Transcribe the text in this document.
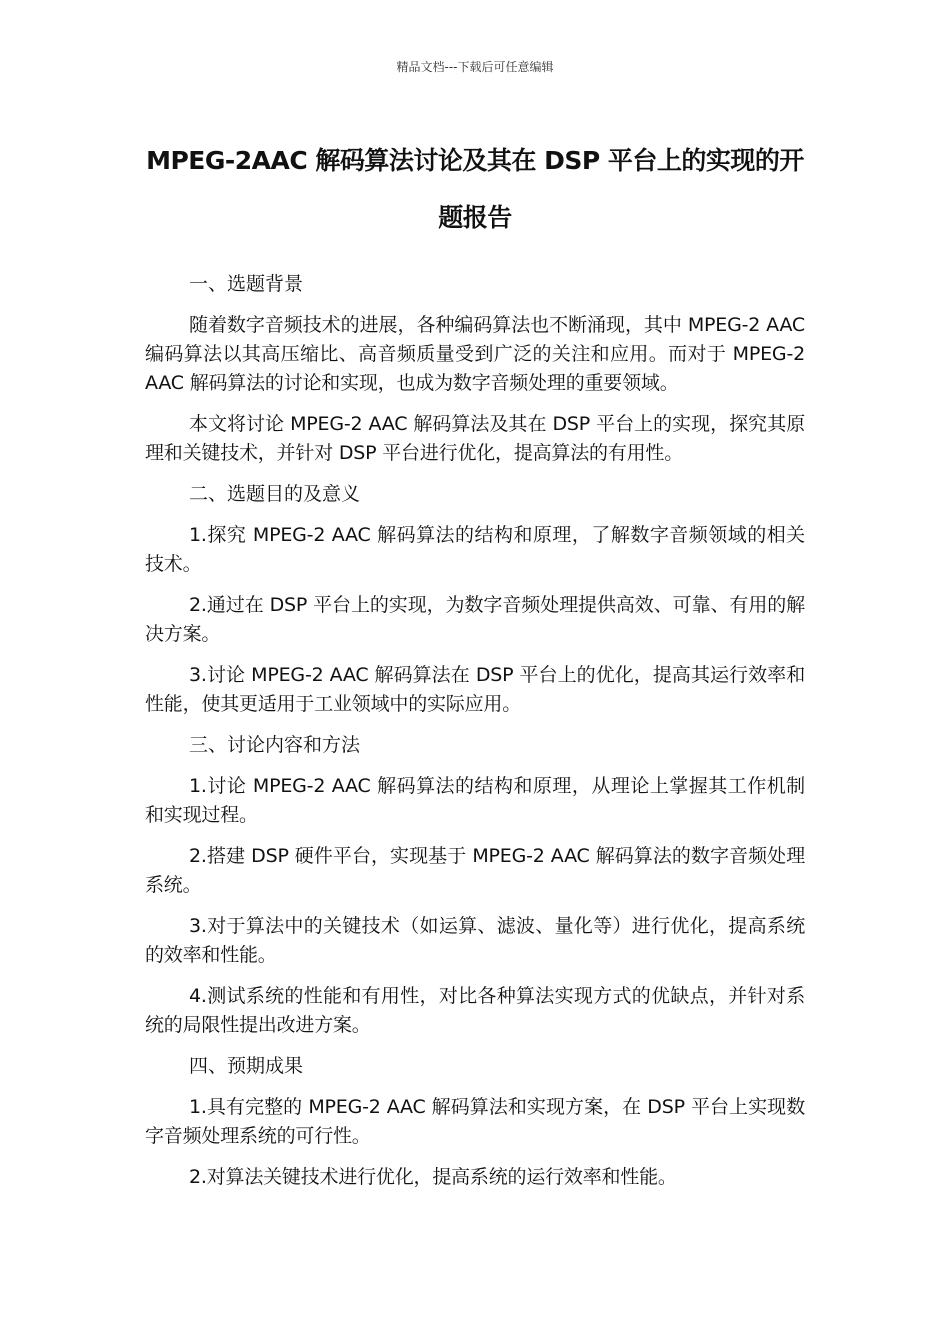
精品文档---下载后可任意编辑
MPEG-2AAC 解码算法讨论及其在 DSP 平台上的实现的开题报告

一、选题背景

随着数字音频技术的进展，各种编码算法也不断涌现，其中 MPEG-2 AAC 编码算法以其高压缩比、高音频质量受到广泛的关注和应用。而对于 MPEG-2 AAC 解码算法的讨论和实现，也成为数字音频处理的重要领域。

本文将讨论 MPEG-2 AAC 解码算法及其在 DSP 平台上的实现，探究其原理和关键技术，并针对 DSP 平台进行优化，提高算法的有用性。

二、选题目的及意义

1.探究 MPEG-2 AAC 解码算法的结构和原理，了解数字音频领域的相关技术。

2.通过在 DSP 平台上的实现，为数字音频处理提供高效、可靠、有用的解决方案。

3.讨论 MPEG-2 AAC 解码算法在 DSP 平台上的优化，提高其运行效率和性能，使其更适用于工业领域中的实际应用。

三、讨论内容和方法

1.讨论 MPEG-2 AAC 解码算法的结构和原理，从理论上掌握其工作机制和实现过程。

2.搭建 DSP 硬件平台，实现基于 MPEG-2 AAC 解码算法的数字音频处理系统。

3.对于算法中的关键技术（如运算、滤波、量化等）进行优化，提高系统的效率和性能。

4.测试系统的性能和有用性，对比各种算法实现方式的优缺点，并针对系统的局限性提出改进方案。

四、预期成果

1.具有完整的 MPEG-2 AAC 解码算法和实现方案，在 DSP 平台上实现数字音频处理系统的可行性。

2.对算法关键技术进行优化，提高系统的运行效率和性能。
